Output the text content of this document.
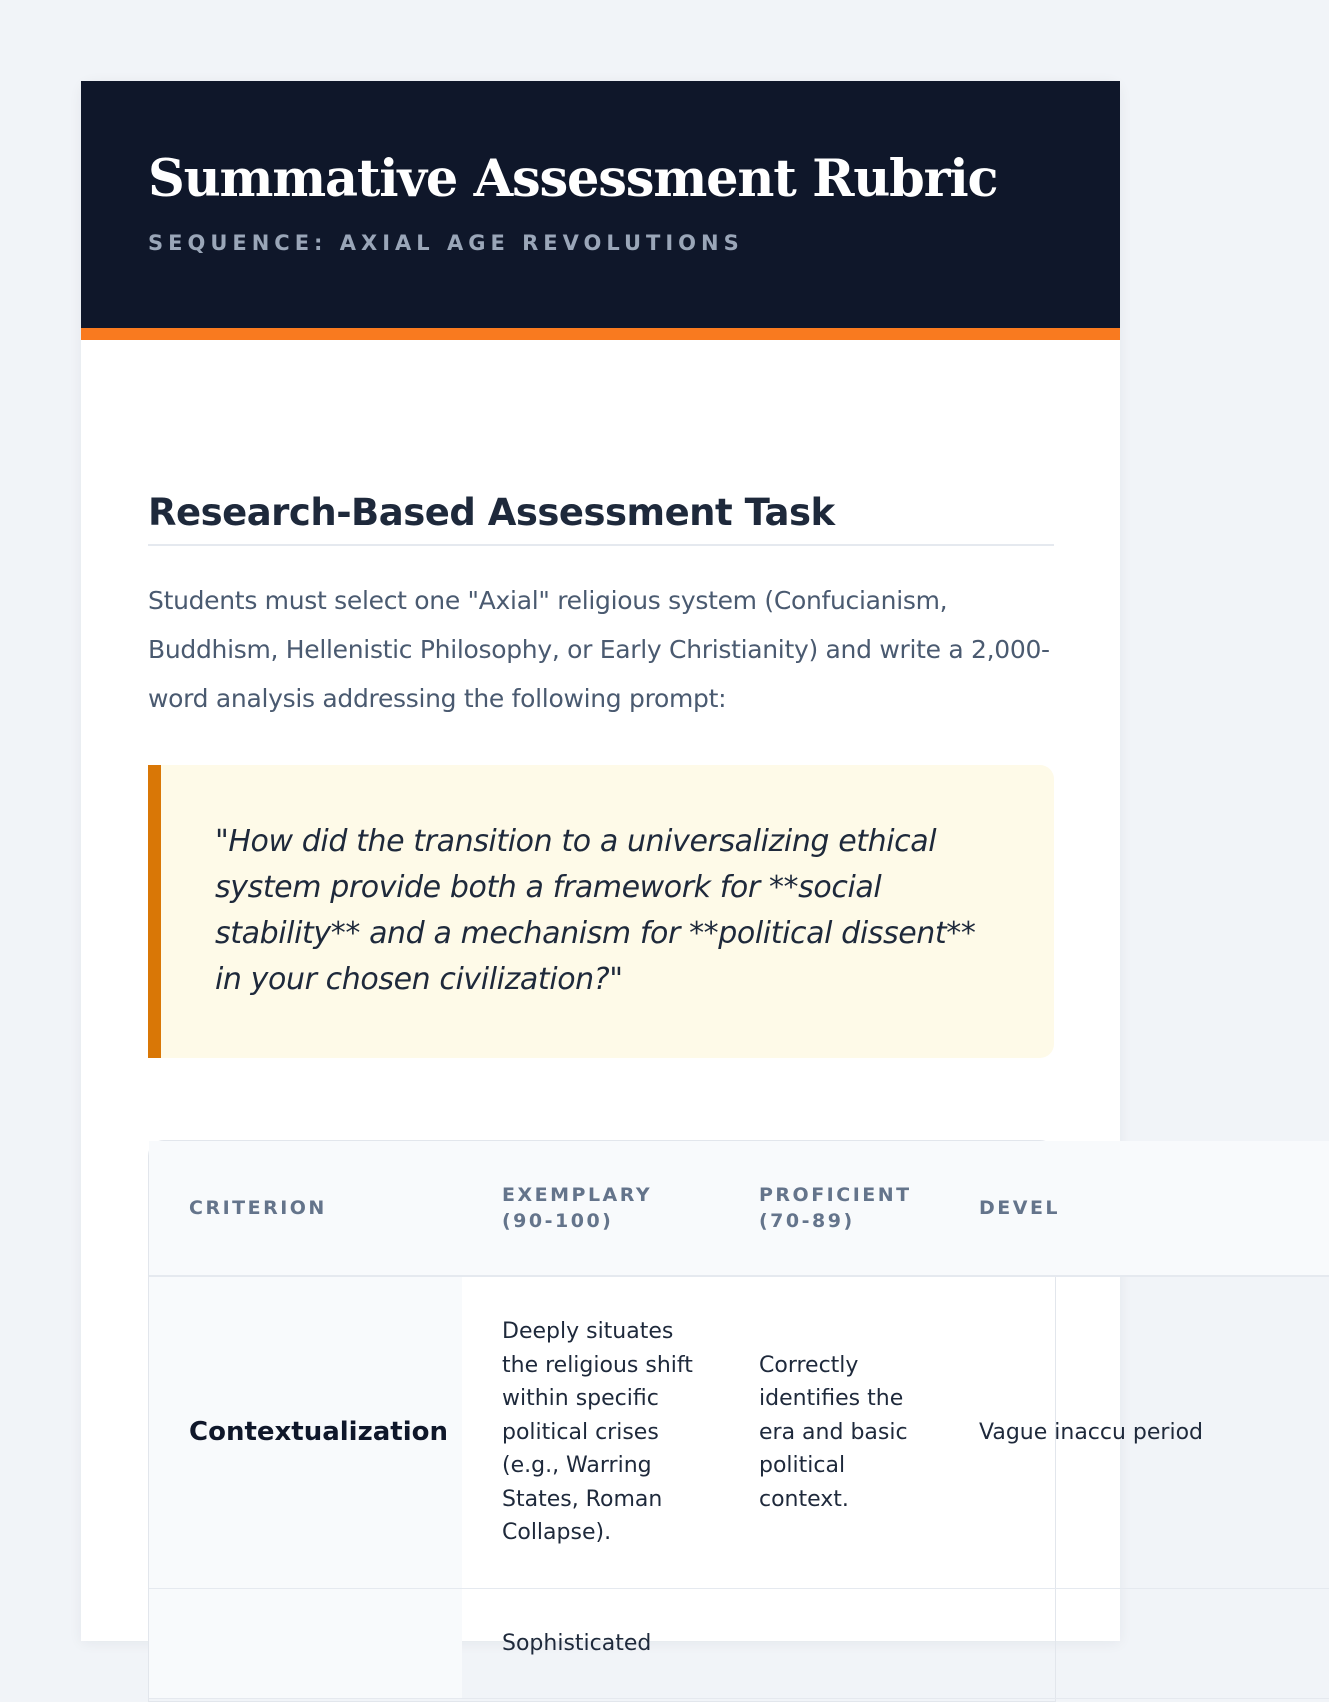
Summative Assessment Rubric
SEQUENCE: AXIAL AGE REVOLUTIONS
Research-Based Assessment Task

Students must select one "Axial" religious system (Confucianism, Buddhism, Hellenistic Philosophy, or Early Christianity) and write a 2,000-word analysis addressing the following prompt:

"How did the transition to a universalizing ethical system provide both a framework for **social stability** and a mechanism for **political dissent** in your chosen civilization?"

CRITERION	EXEMPLARY (90-100)	PROFICIENT (70-89)	DEVEL
Contextualization	Deeply situates the religious shift within specific political crises (e.g., Warring States, Roman Collapse).	Correctly identifies the era and basic political context.	Vague inaccu period
	Sophisticated		
